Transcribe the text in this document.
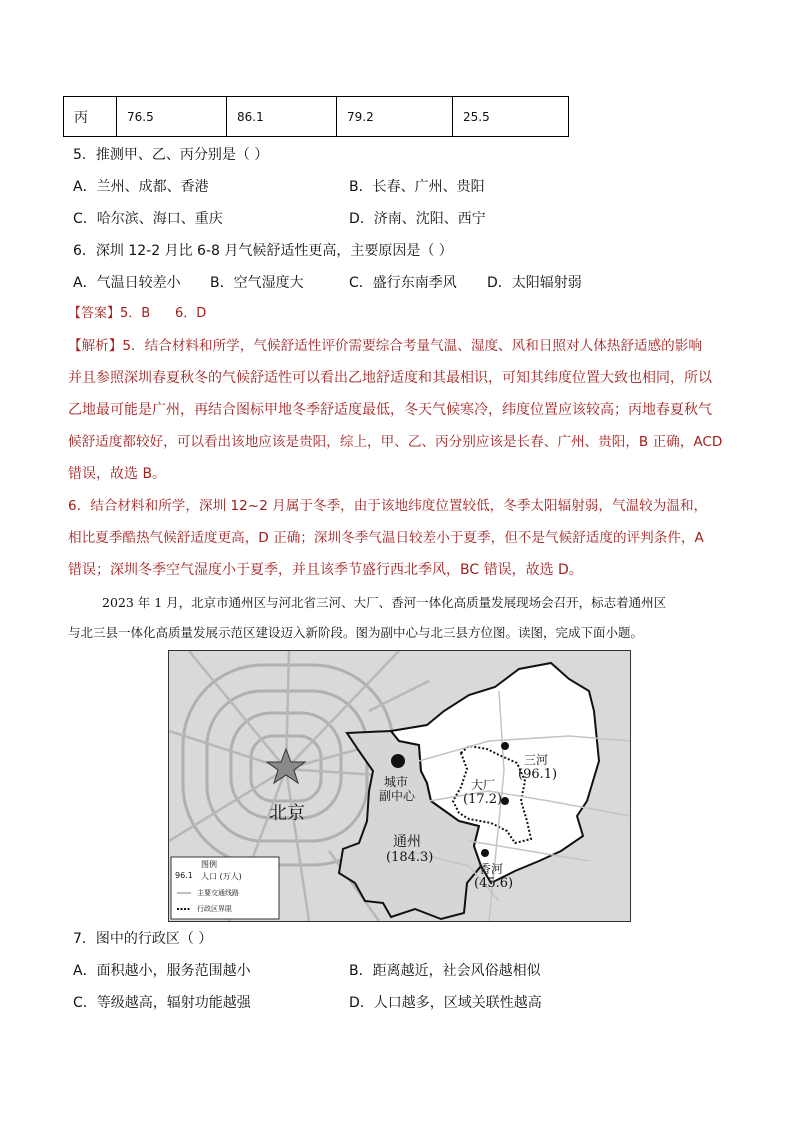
丙	76.5	86.1	79.2	25.5
5．推测甲、乙、丙分别是（ ）
A．兰州、成都、香港	B．长春、广州、贵阳
C．哈尔滨、海口、重庆	D．济南、沈阳、西宁
6．深圳 12-2 月比 6-8 月气候舒适性更高，主要原因是（ ）
A．气温日较差小 B．空气湿度大	C．盛行东南季风 D．太阳辐射弱
【答案】5．B      6．D
【解析】5．结合材料和所学，气候舒适性评价需要综合考量气温、湿度、风和日照对人体热舒适感的影响
并且参照深圳春夏秋冬的气候舒适性可以看出乙地舒适度和其最相识，可知其纬度位置大致也相同，所以
乙地最可能是广州，再结合图标甲地冬季舒适度最低，冬天气候寒冷，纬度位置应该较高；丙地春夏秋气
候舒适度都较好，可以看出该地应该是贵阳，综上，甲、乙、丙分别应该是长春、广州、贵阳，B 正确，ACD
错误，故选 B。
6．结合材料和所学，深圳 12~2 月属于冬季，由于该地纬度位置较低，冬季太阳辐射弱，气温较为温和，
相比夏季酷热气候舒适度更高，D 正确；深圳冬季气温日较差小于夏季，但不是气候舒适度的评判条件，A
错误；深圳冬季空气湿度小于夏季，并且该季节盛行西北季风，BC 错误，故选 D。
2023 年 1 月，北京市通州区与河北省三河、大厂、香河一体化高质量发展现场会召开，标志着通州区
与北三县一体化高质量发展示范区建设迈入新阶段。图为副中心与北三县方位图。读图，完成下面小题。
北京
城市
副中心
通州
(184.3)
三河
(96.1)
大厂
(17.2)
香河
(45.6)
图例
96.1 人口 (万人)
主要交通线路
行政区界限
7．图中的行政区（ ）
A．面积越小，服务范围越小	B．距离越近，社会风俗越相似
C．等级越高，辐射功能越强	D．人口越多，区域关联性越高
